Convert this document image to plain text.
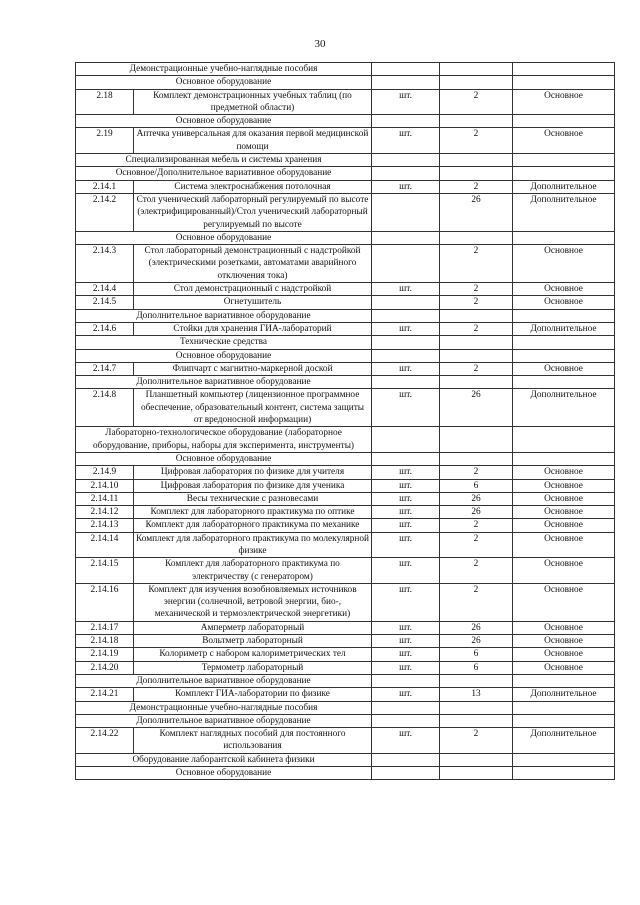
30
Демонстрационные учебно-наглядные пособия				
Основное оборудование				
2.18	Комплект демонстрационных учебных таблиц (по предметной области)	шт.	2	Основное
Основное оборудование				
2.19	Аптечка универсальная для оказания первой медицинской помощи	шт.	2	Основное
Специализированная мебель и системы хранения				
Основное/Дополнительное вариативное оборудование				
2.14.1	Система электроснабжения потолочная	шт.	2	Дополнительное
2.14.2	Стол ученический лабораторный регулируемый по высоте (электрифицированный)/Стол ученический лабораторный регулируемый по высоте		26	Дополнительное
Основное оборудование				
2.14.3	Стол лабораторный демонстрационный с надстройкой (электрическими розетками, автоматами аварийного отключения тока)		2	Основное
2.14.4	Стол демонстрационный с надстройкой	шт.	2	Основное
2.14.5	Огнетушитель		2	Основное
Дополнительное вариативное оборудование				
2.14.6	Стойки для хранения ГИА-лабораторий	шт.	2	Дополнительное
Технические средства				
Основное оборудование				
2.14.7	Флипчарт с магнитно-маркерной доской	шт.	2	Основное
Дополнительное вариативное оборудование				
2.14.8	Планшетный компьютер (лицензионное программное обеспечение, образовательный контент, система защиты от вредоносной информации)	шт.	26	Дополнительное
Лабораторно-технологическое оборудование (лабораторное оборудование, приборы, наборы для эксперимента, инструменты)				
Основное оборудование				
2.14.9	Цифровая лаборатория по физике для учителя	шт.	2	Основное
2.14.10	Цифровая лаборатория по физике для ученика	шт.	6	Основное
2.14.11	Весы технические с разновесами	шт.	26	Основное
2.14.12	Комплект для лабораторного практикума по оптике	шт.	26	Основное
2.14.13	Комплект для лабораторного практикума по механике	шт.	2	Основное
2.14.14	Комплект для лабораторного практикума по молекулярной физике	шт.	2	Основное
2.14.15	Комплект для лабораторного практикума по электричеству (с генератором)	шт.	2	Основное
2.14.16	Комплект для изучения возобновляемых источников энергии (солнечной, ветровой энергии, био-, механической и термоэлектрической энергетики)	шт.	2	Основное
2.14.17	Амперметр лабораторный	шт.	26	Основное
2.14.18	Вольтметр лабораторный	шт.	26	Основное
2.14.19	Колориметр с набором калориметрических тел	шт.	6	Основное
2.14.20	Термометр лабораторный	шт.	6	Основное
Дополнительное вариативное оборудование				
2.14.21	Комплект ГИА-лаборатории по физике	шт.	13	Дополнительное
Демонстрационные учебно-наглядные пособия				
Дополнительное вариативное оборудование				
2.14.22	Комплект наглядных пособий для постоянного использования	шт.	2	Дополнительное
Оборудование лаборантской кабинета физики				
Основное оборудование				
